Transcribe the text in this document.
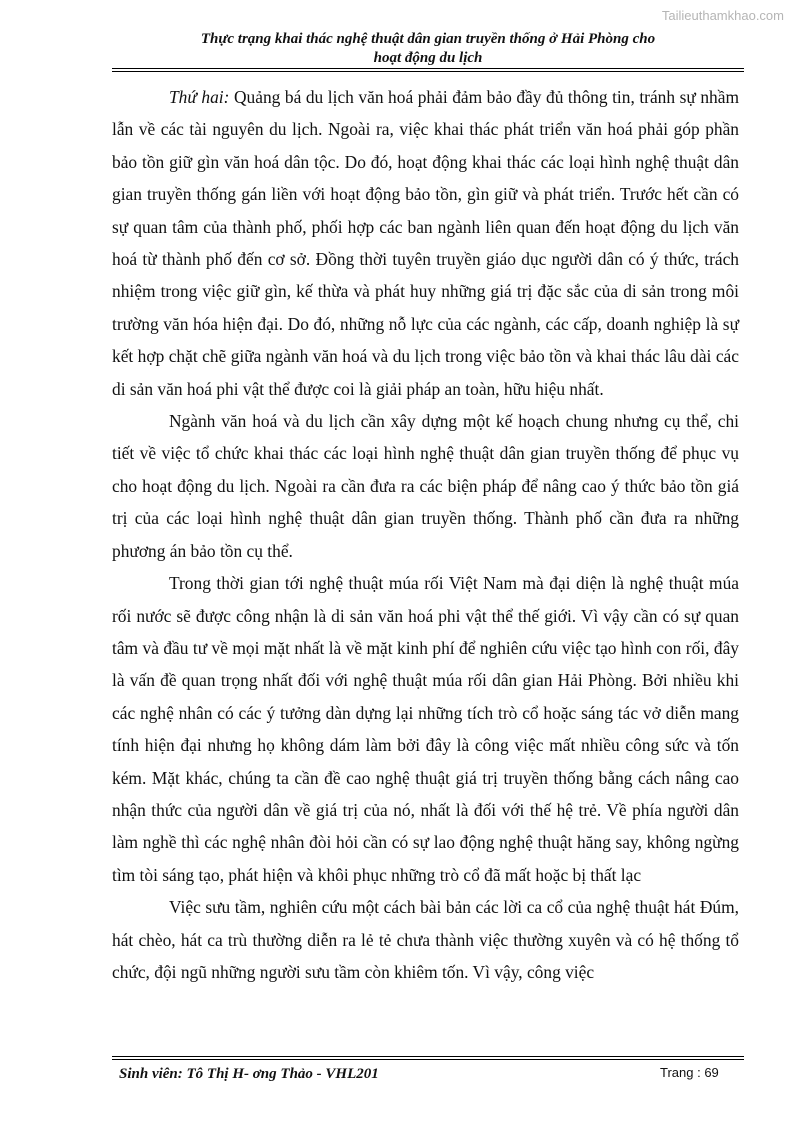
Tailieuthamkhao.com
Thực trạng khai thác nghệ thuật dân gian truyền thống ở Hải Phòng cho
hoạt động du lịch

Thứ hai: Quảng bá du lịch văn hoá phải đảm bảo đầy đủ thông tin, tránh sự nhầm lẫn về các tài nguyên du lịch. Ngoài ra, việc khai thác phát triển văn hoá phải góp phần bảo tồn giữ gìn văn hoá dân tộc. Do đó, hoạt động khai thác các loại hình nghệ thuật dân gian truyền thống gán liền với hoạt động bảo tồn, gìn giữ và phát triển. Trước hết cần có sự quan tâm của thành phố, phối hợp các ban ngành liên quan đến hoạt động du lịch văn hoá từ thành phố đến cơ sở. Đồng thời tuyên truyền giáo dục người dân có ý thức, trách nhiệm trong việc giữ gìn, kế thừa và phát huy những giá trị đặc sắc của di sản trong môi trường văn hóa hiện đại. Do đó, những nỗ lực của các ngành, các cấp, doanh nghiệp là sự kết hợp chặt chẽ giữa ngành văn hoá và du lịch trong việc bảo tồn và khai thác lâu dài các di sản văn hoá phi vật thể được coi là giải pháp an toàn, hữu hiệu nhất.

Ngành văn hoá và du lịch cần xây dựng một kế hoạch chung nhưng cụ thể, chi tiết về việc tổ chức khai thác các loại hình nghệ thuật dân gian truyền thống để phục vụ cho hoạt động du lịch. Ngoài ra cần đưa ra các biện pháp để nâng cao ý thức bảo tồn giá trị của các loại hình nghệ thuật dân gian truyền thống. Thành phố cần đưa ra những phương án bảo tồn cụ thể.

Trong thời gian tới nghệ thuật múa rối Việt Nam mà đại diện là nghệ thuật múa rối nước sẽ được công nhận là di sản văn hoá phi vật thể thế giới. Vì vậy cần có sự quan tâm và đầu tư về mọi mặt nhất là về mặt kinh phí để nghiên cứu việc tạo hình con rối, đây là vấn đề quan trọng nhất đối với nghệ thuật múa rối dân gian Hải Phòng. Bởi nhiều khi các nghệ nhân có các ý tưởng dàn dựng lại những tích trò cổ hoặc sáng tác vở diễn mang tính hiện đại nhưng họ không dám làm bởi đây là công việc mất nhiều công sức và tốn kém. Mặt khác, chúng ta cần đề cao nghệ thuật giá trị truyền thống bằng cách nâng cao nhận thức của người dân về giá trị của nó, nhất là đối với thế hệ trẻ. Về phía người dân làm nghề thì các nghệ nhân đòi hỏi cần có sự lao động nghệ thuật hăng say, không ngừng tìm tòi sáng tạo, phát hiện và khôi phục những trò cổ đã mất hoặc bị thất lạc

Việc sưu tầm, nghiên cứu một cách bài bản các lời ca cổ của nghệ thuật hát Đúm, hát chèo, hát ca trù thường diễn ra lẻ tẻ chưa thành việc thường xuyên và có hệ thống tổ chức, đội ngũ những người sưu tầm còn khiêm tốn. Vì vậy, công việc

Sinh viên: Tô Thị H- ơng Thảo - VHL201	Trang : 69
